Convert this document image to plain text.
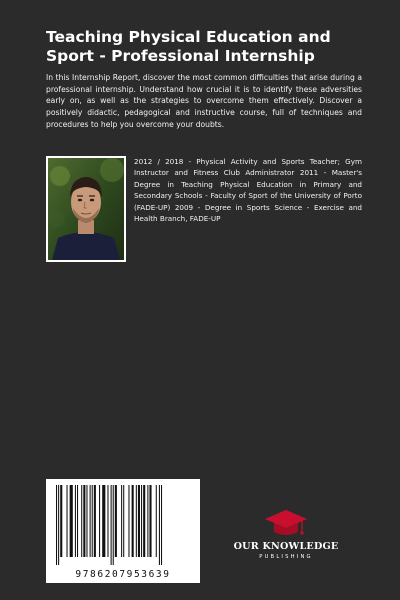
Teaching Physical Education and Sport - Professional Internship

In this Internship Report, discover the most common difficulties that arise during a professional internship. Understand how crucial it is to identify these adversities early on, as well as the strategies to overcome them effectively. Discover a positively didactic, pedagogical and instructive course, full of techniques and procedures to help you overcome your doubts.

2012 / 2018 - Physical Activity and Sports Teacher; Gym Instructor and Fitness Club Administrator 2011 - Master's Degree in Teaching Physical Education in Primary and Secondary Schools - Faculty of Sport of the University of Porto (FADE-UP) 2009 - Degree in Sports Science - Exercise and Health Branch, FADE-UP

9786207953639
OUR KNOWLEDGE
PUBLISHING
